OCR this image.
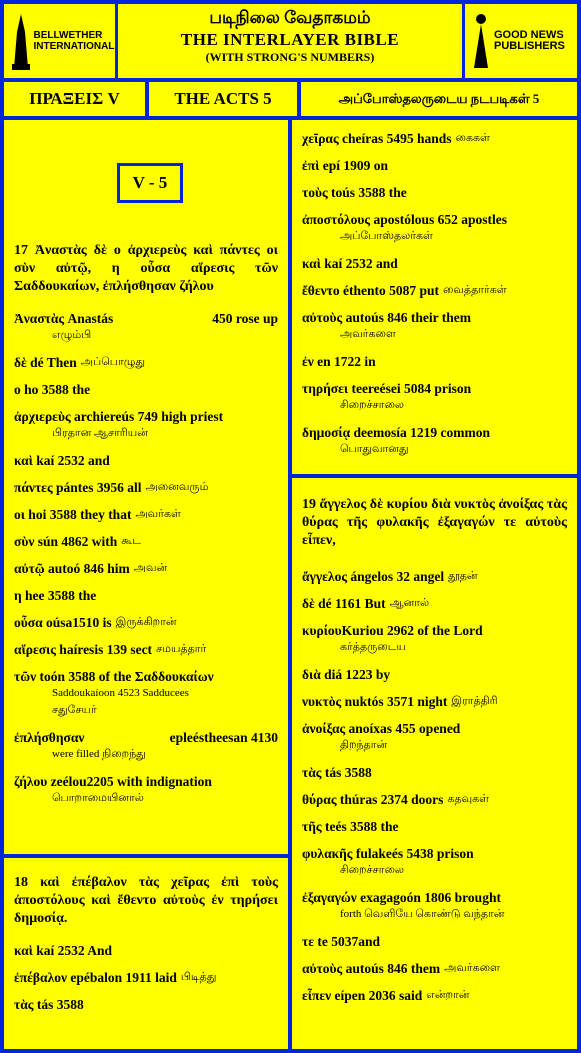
BELLWETHER INTERNATIONAL
படிநிலை வேதாகமம்
THE INTERLAYER BIBLE
(WITH STRONG'S NUMBERS)
GOOD NEWS
PUBLISHERS
ΠΡΑΞΕΙΣ V	THE ACTS 5	அப்போஸ்தலருடைய நடபடிகள் 5
17 Ἀναστὰς δὲ ο ἀρχιερεὺς καὶ πάντες οι σὺν αὐτῷ, η οὖσα αἵρεσις τῶν Σαδδουκαίων, ἐπλήσθησαν ζήλου
Ἀναστὰς Anastás	450 rose up
எழும்பி
δὲ dé Then அப்பொழுது
ο ho 3588 the
ἀρχιερεὺς archiereús 749 high priest
பிரதான ஆசாரியன்
καὶ kaí 2532 and
πάντες pántes 3956 all அனைவரும்
οι hoi 3588 they that அவர்கள்
σὺν sún 4862 with கூட
αὐτῷ autoó 846 him அவன்
η hee 3588 the
οὖσα oúsa1510 is இருக்கிறான்
αἵρεσις haíresis 139 sect சமயத்தார்
τῶν toón 3588 of the Σαδδουκαίων
Saddoukaíoon 4523 Sadducees
சதுசேயர்
ἐπλήσθησαν	epleéstheesan 4130
were filled நிறைந்து
ζήλου zeélou2205 with indignation
பொறாமையினால்
V - 5
18 καὶ ἐπέβαλον τὰς χεῖρας ἐπὶ τοὺς ἀποστόλους καὶ ἔθεντο αὐτοὺς ἐν τηρήσει δημοσίᾳ.
καὶ kaí 2532 And
ἐπέβαλον epébalon 1911 laid பிடித்து
τὰς tás 3588
χεῖρας cheíras 5495 hands கைகள்
ἐπὶ epí 1909 on
τοὺς toús 3588 the
ἀποστόλους apostólous 652 apostles
அப்போஸ்தலர்கள்
καὶ kaí 2532 and
ἔθεντο éthento 5087 put வைத்தார்கள்
αὐτοὺς autoús 846 their them
அவர்களை
ἐν en 1722 in
τηρήσει teereései 5084 prison
சிறைச்சாலை
δημοσίᾳ deemosía 1219 common
பொதுவானது
19 ἄγγελος δὲ κυρίου διὰ νυκτὸς ἀνοίξας τὰς θύρας τῆς φυλακῆς ἐξαγαγών τε αὐτοὺς εἶπεν,
ἄγγελος ángelos 32 angel தூதன்
δὲ dé 1161 But ஆனால்
κυρίουKuriou 2962 of the Lord
கர்த்தருடைய
διὰ diá 1223 by
νυκτὸς nuktós 3571 night இராத்திரி
ἀνοίξας anoíxas 455 opened
திறந்தான்
τὰς tás 3588
θύρας thúras 2374 doors கதவுகள்
τῆς teés 3588 the
φυλακῆς fulakeés 5438 prison
சிறைச்சாலை
ἐξαγαγών exagagoón 1806 brought
forth வெளியே கொண்டு வந்தான்
τε te 5037and
αὐτοὺς autoús 846 them அவர்களை
εἶπεν eípen 2036 said என்றான்
